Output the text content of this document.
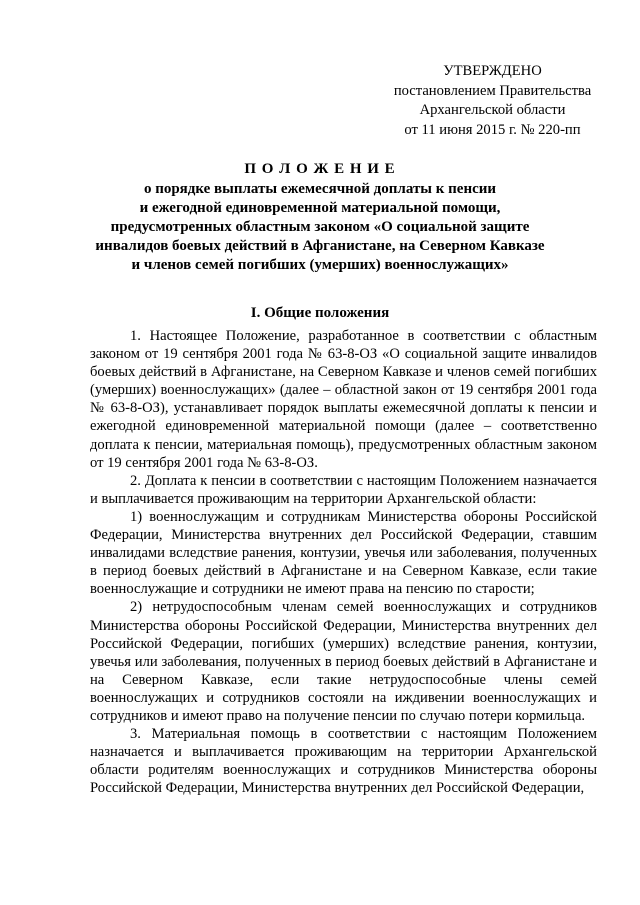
УТВЕРЖДЕНО
постановлением Правительства
Архангельской области
от 11 июня 2015 г. № 220-пп
П О Л О Ж Е Н И Е
о порядке выплаты ежемесячной доплаты к пенсии
и ежегодной единовременной материальной помощи,
предусмотренных областным законом «О социальной защите
инвалидов боевых действий в Афганистане, на Северном Кавказе
и членов семей погибших (умерших) военнослужащих»
I. Общие положения

1. Настоящее Положение, разработанное в соответствии с областным законом от 19 сентября 2001 года № 63-8-ОЗ «О социальной защите инвалидов боевых действий в Афганистане, на Северном Кавказе и членов семей погибших (умерших) военнослужащих» (далее – областной закон от 19 сентября 2001 года № 63-8-ОЗ), устанавливает порядок выплаты ежемесячной доплаты к пенсии и ежегодной единовременной материальной помощи (далее – соответственно доплата к пенсии, материальная помощь), предусмотренных областным законом от 19 сентября 2001 года № 63-8-ОЗ.

2. Доплата к пенсии в соответствии с настоящим Положением назначается и выплачивается проживающим на территории Архангельской области:

1) военнослужащим и сотрудникам Министерства обороны Российской Федерации, Министерства внутренних дел Российской Федерации, ставшим инвалидами вследствие ранения, контузии, увечья или заболевания, полученных в период боевых действий в Афганистане и на Северном Кавказе, если такие военнослужащие и сотрудники не имеют права на пенсию по старости;

2) нетрудоспособным членам семей военнослужащих и сотрудников Министерства обороны Российской Федерации, Министерства внутренних дел Российской Федерации, погибших (умерших) вследствие ранения, контузии, увечья или заболевания, полученных в период боевых действий в Афганистане и на Северном Кавказе, если такие нетрудоспособные члены семей военнослужащих и сотрудников состояли на иждивении военнослужащих и сотрудников и имеют право на получение пенсии по случаю потери кормильца.

3. Материальная помощь в соответствии с настоящим Положением назначается и выплачивается проживающим на территории Архангельской области родителям военнослужащих и сотрудников Министерства обороны Российской Федерации, Министерства внутренних дел Российской Федерации,
